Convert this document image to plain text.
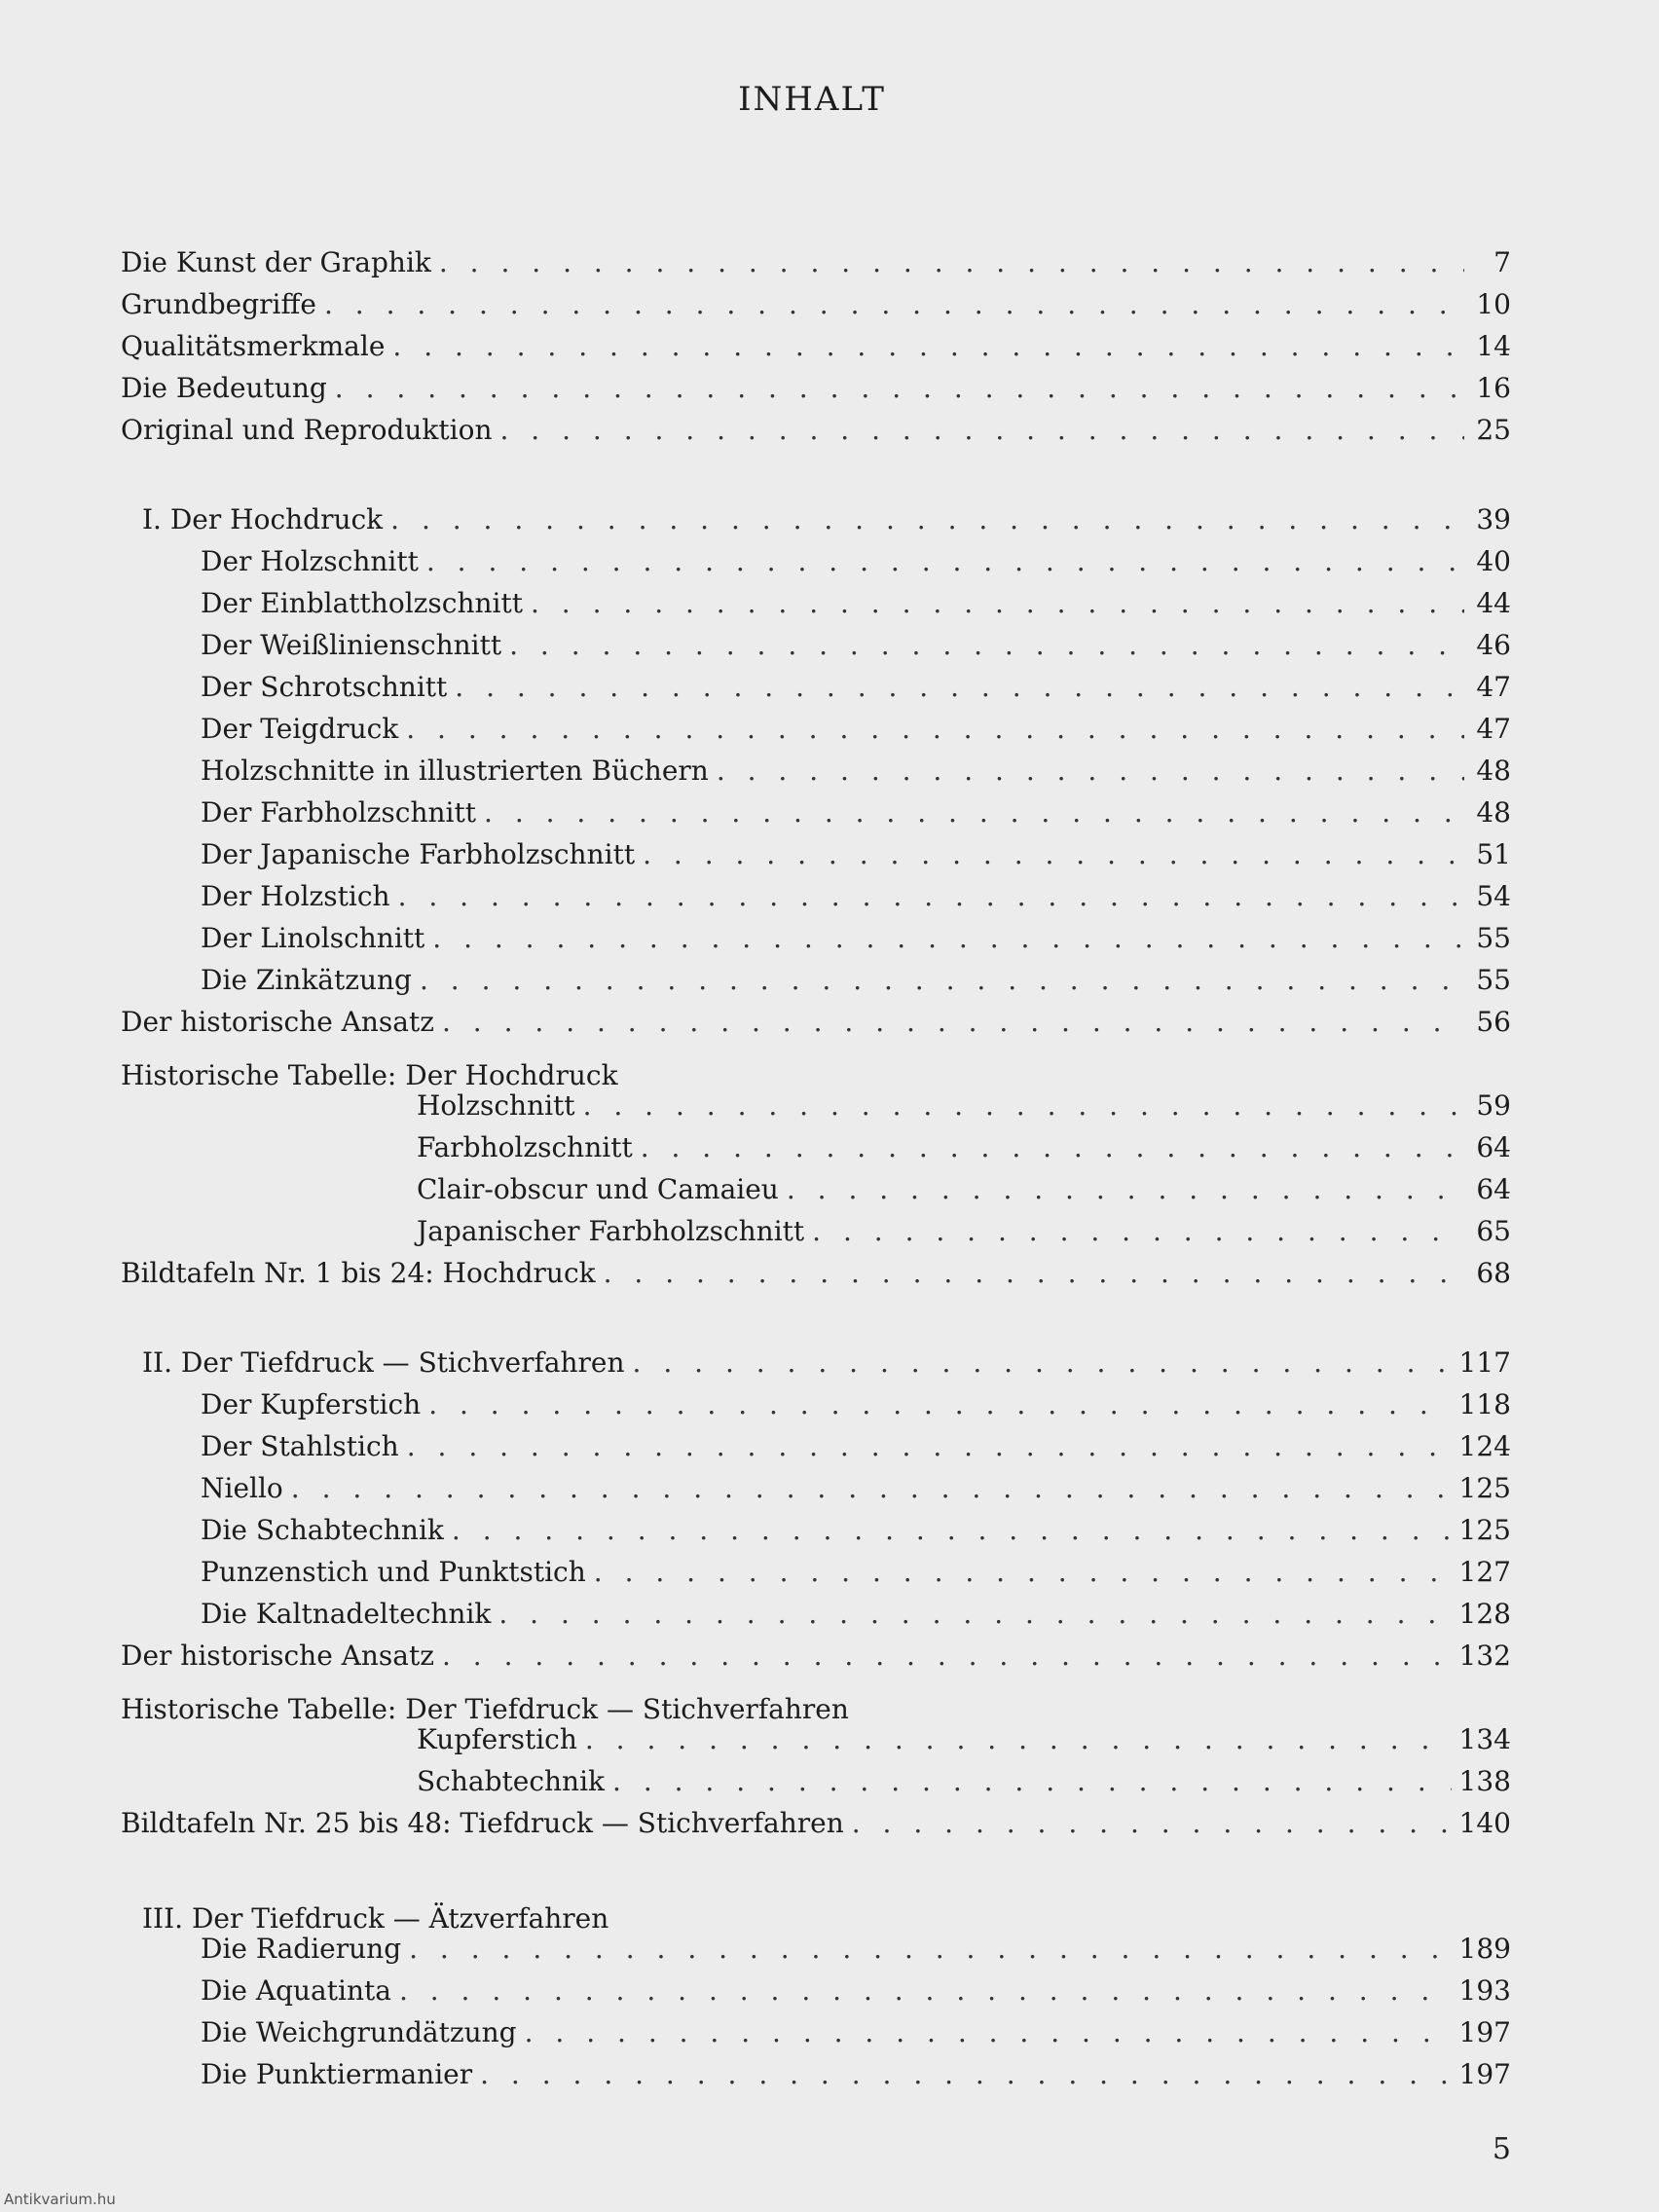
INHALT
Die Kunst der Graphik . . .	7
Grundbegriffe . . .	10
Qualitätsmerkmale . . .	14
Die Bedeutung . . .	16
Original und Reproduktion . . .	25
I. Der Hochdruck . . .	39
Der Holzschnitt . . .	40
Der Einblattholzschnitt . . .	44
Der Weißlinienschnitt . . .	46
Der Schrotschnitt . . .	47
Der Teigdruck . . .	47
Holzschnitte in illustrierten Büchern . . .	48
Der Farbholzschnitt . . .	48
Der Japanische Farbholzschnitt . . .	51
Der Holzstich . . .	54
Der Linolschnitt . . .	55
Die Zinkätzung . . .	55
Der historische Ansatz . . .	56
Historische Tabelle: Der Hochdruck
Holzschnitt . . .	59
Farbholzschnitt . . .	64
Clair-obscur und Camaieu . . .	64
Japanischer Farbholzschnitt . . .	65
Bildtafeln Nr. 1 bis 24: Hochdruck . . .	68
II. Der Tiefdruck — Stichverfahren . . .	117
Der Kupferstich . . .	118
Der Stahlstich . . .	124
Niello . . .	125
Die Schabtechnik . . .	125
Punzenstich und Punktstich . . .	127
Die Kaltnadeltechnik . . .	128
Der historische Ansatz . . .	132
Historische Tabelle: Der Tiefdruck — Stichverfahren
Kupferstich . . .	134
Schabtechnik . . .	138
Bildtafeln Nr. 25 bis 48: Tiefdruck — Stichverfahren . . .	140
III. Der Tiefdruck — Ätzverfahren
Die Radierung . . .	189
Die Aquatinta . . .	193
Die Weichgrundätzung . . .	197
Die Punktiermanier . . .	197
5
Antikvarium.hu
